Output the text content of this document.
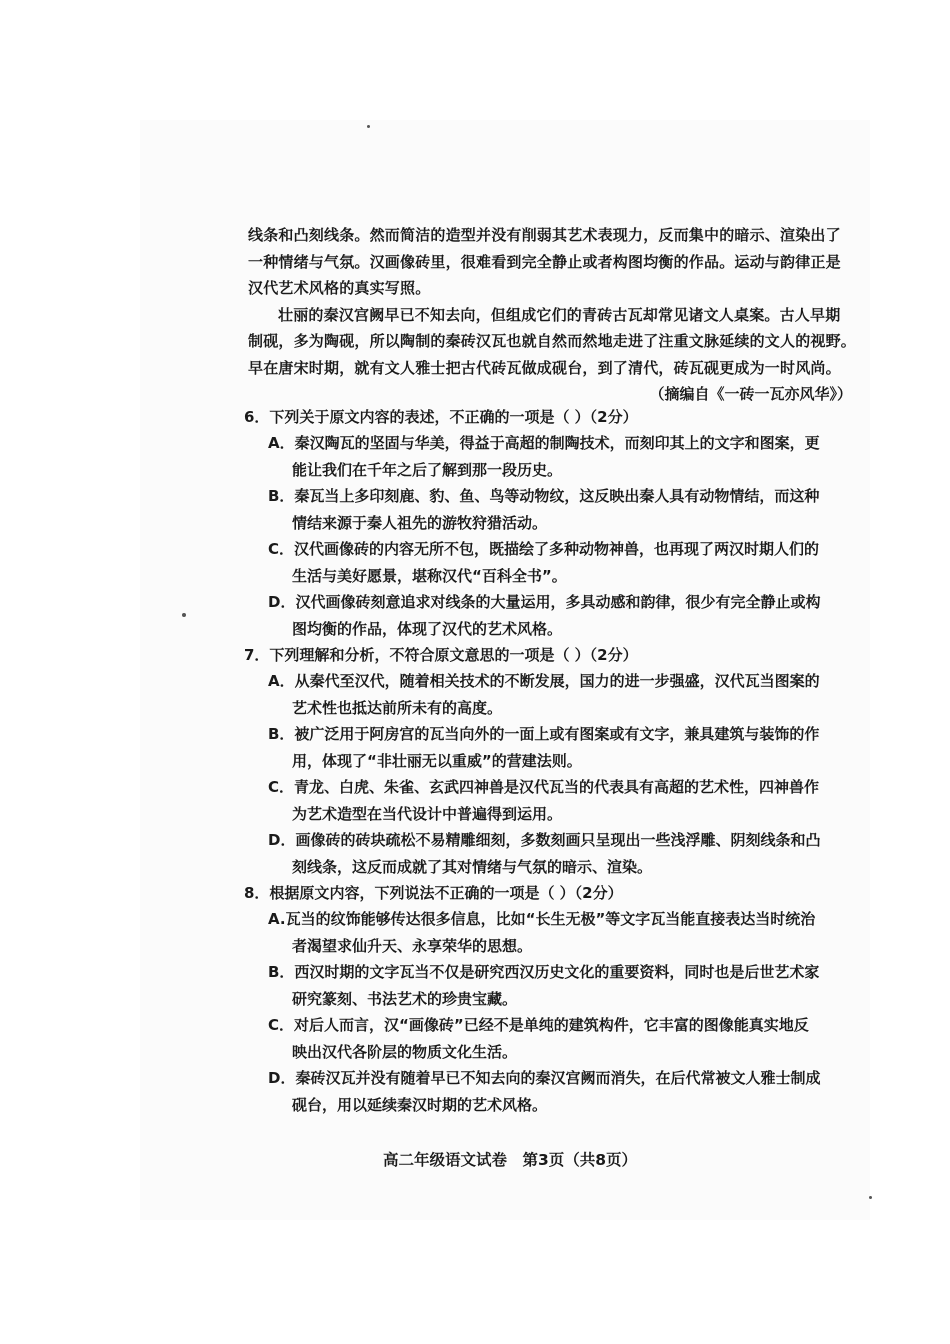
线条和凸刻线条。然而简洁的造型并没有削弱其艺术表现力，反而集中的暗示、渲染出了
一种情绪与气氛。汉画像砖里，很难看到完全静止或者构图均衡的作品。运动与韵律正是
汉代艺术风格的真实写照。
壮丽的秦汉宫阙早已不知去向，但组成它们的青砖古瓦却常见诸文人桌案。古人早期
制砚，多为陶砚，所以陶制的秦砖汉瓦也就自然而然地走进了注重文脉延续的文人的视野。
早在唐宋时期，就有文人雅士把古代砖瓦做成砚台，到了清代，砖瓦砚更成为一时风尚。
（摘编自《一砖一瓦亦风华》）
6．下列关于原文内容的表述，不正确的一项是（ ）（2分）
A．秦汉陶瓦的坚固与华美，得益于高超的制陶技术，而刻印其上的文字和图案，更
能让我们在千年之后了解到那一段历史。
B．秦瓦当上多印刻鹿、豹、鱼、鸟等动物纹，这反映出秦人具有动物情结，而这种
情结来源于秦人祖先的游牧狩猎活动。
C．汉代画像砖的内容无所不包，既描绘了多种动物神兽，也再现了两汉时期人们的
生活与美好愿景，堪称汉代“百科全书”。
D．汉代画像砖刻意追求对线条的大量运用，多具动感和韵律，很少有完全静止或构
图均衡的作品，体现了汉代的艺术风格。
7．下列理解和分析，不符合原文意思的一项是（ ）（2分）
A．从秦代至汉代，随着相关技术的不断发展，国力的进一步强盛，汉代瓦当图案的
艺术性也抵达前所未有的高度。
B．被广泛用于阿房宫的瓦当向外的一面上或有图案或有文字，兼具建筑与装饰的作
用，体现了“非壮丽无以重威”的营建法则。
C．青龙、白虎、朱雀、玄武四神兽是汉代瓦当的代表具有高超的艺术性，四神兽作
为艺术造型在当代设计中普遍得到运用。
D．画像砖的砖块疏松不易精雕细刻，多数刻画只呈现出一些浅浮雕、阴刻线条和凸
刻线条，这反而成就了其对情绪与气氛的暗示、渲染。
8．根据原文内容，下列说法不正确的一项是（ ）（2分）
A.瓦当的纹饰能够传达很多信息，比如“长生无极”等文字瓦当能直接表达当时统治
者渴望求仙升天、永享荣华的思想。
B．西汉时期的文字瓦当不仅是研究西汉历史文化的重要资料，同时也是后世艺术家
研究篆刻、书法艺术的珍贵宝藏。
C．对后人而言，汉“画像砖”已经不是单纯的建筑构件，它丰富的图像能真实地反
映出汉代各阶层的物质文化生活。
D．秦砖汉瓦并没有随着早已不知去向的秦汉宫阙而消失，在后代常被文人雅士制成
砚台，用以延续秦汉时期的艺术风格。
高二年级语文试卷　第3页（共8页）
